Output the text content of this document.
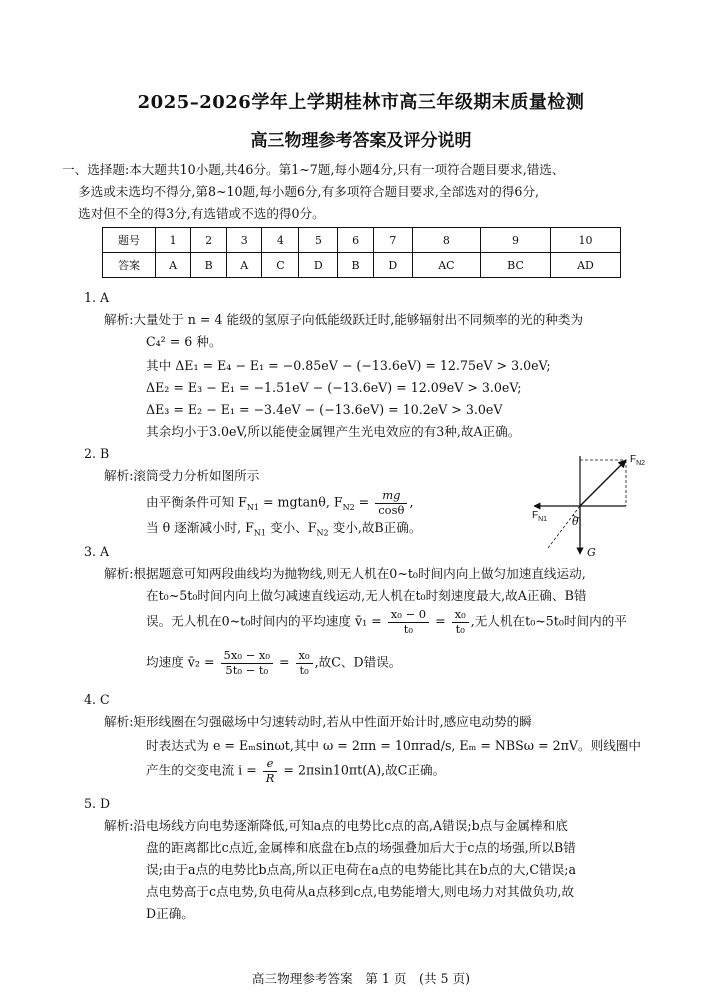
2025–2026学年上学期桂林市高三年级期末质量检测
高三物理参考答案及评分说明
一、选择题:本大题共10小题,共46分。第1~7题,每小题4分,只有一项符合题目要求,错选、
多选或未选均不得分,第8~10题,每小题6分,有多项符合题目要求,全部选对的得6分,
选对但不全的得3分,有选错或不选的得0分。
题号	1	2	3	4	5	6	7	8	9	10
答案	A	B	A	C	D	B	D	AC	BC	AD
1. A
解析:大量处于 n = 4 能级的氢原子向低能级跃迁时,能够辐射出不同频率的光的种类为
C₄² = 6 种。
其中 ΔE₁ = E₄ − E₁ = −0.85eV − (−13.6eV) = 12.75eV > 3.0eV;
ΔE₂ = E₃ − E₁ = −1.51eV − (−13.6eV) = 12.09eV > 3.0eV;
ΔE₃ = E₂ − E₁ = −3.4eV − (−13.6eV) = 10.2eV > 3.0eV
其余均小于3.0eV,所以能使金属锂产生光电效应的有3种,故A正确。
2. B
解析:滚筒受力分析如图所示
由平衡条件可知 $F_{N1} = mgtan\theta$, $F_{N2} = \frac{mg}{\cos\theta}$ ,
当 θ 逐渐减小时, $F_{N1}$ 变小、$F_{N2}$ 变小,故B正确。
$F_{N2}$
$F_{N1}$ θ
G
3. A
解析:根据题意可知两段曲线均为抛物线,则无人机在0~t₀时间内向上做匀加速直线运动,
在t₀~5t₀时间内向上做匀减速直线运动,无人机在t₀时刻速度最大,故A正确、B错
误。无人机在0~t₀时间内的平均速度 v̄₁ = $\frac{\text{x₀ − 0}}{\text{t₀}} = \frac{\text{x₀}}{\text{t₀}}$ ,无人机在t₀~5t₀时间内的平
均速度 v̄₂ = $\frac{\text{5x₀ − x₀}}{\text{5t₀ − t₀}} = \frac{\text{x₀}}{\text{t₀}}$ ,故C、D错误。
4. C
解析:矩形线圈在匀强磁场中匀速转动时,若从中性面开始计时,感应电动势的瞬
时表达式为 e = Eₘsinωt,其中 ω = 2πn = 10πrad/s, Eₘ = NBSω = 2πV。则线圈中
产生的交变电流 $i = \frac{e}{R} = 2\pi\sin 10\pi t(A)$,故C正确。
5. D
解析:沿电场线方向电势逐渐降低,可知a点的电势比c点的高,A错误;b点与金属棒和底
盘的距离都比c点近,金属棒和底盘在b点的场强叠加后大于c点的场强,所以B错
误;由于a点的电势比b点高,所以正电荷在a点的电势能比其在b点的大,C错误;a
点电势高于c点电势,负电荷从a点移到c点,电势能增大,则电场力对其做负功,故
D正确。
高三物理参考答案　第 1 页　(共 5 页)
